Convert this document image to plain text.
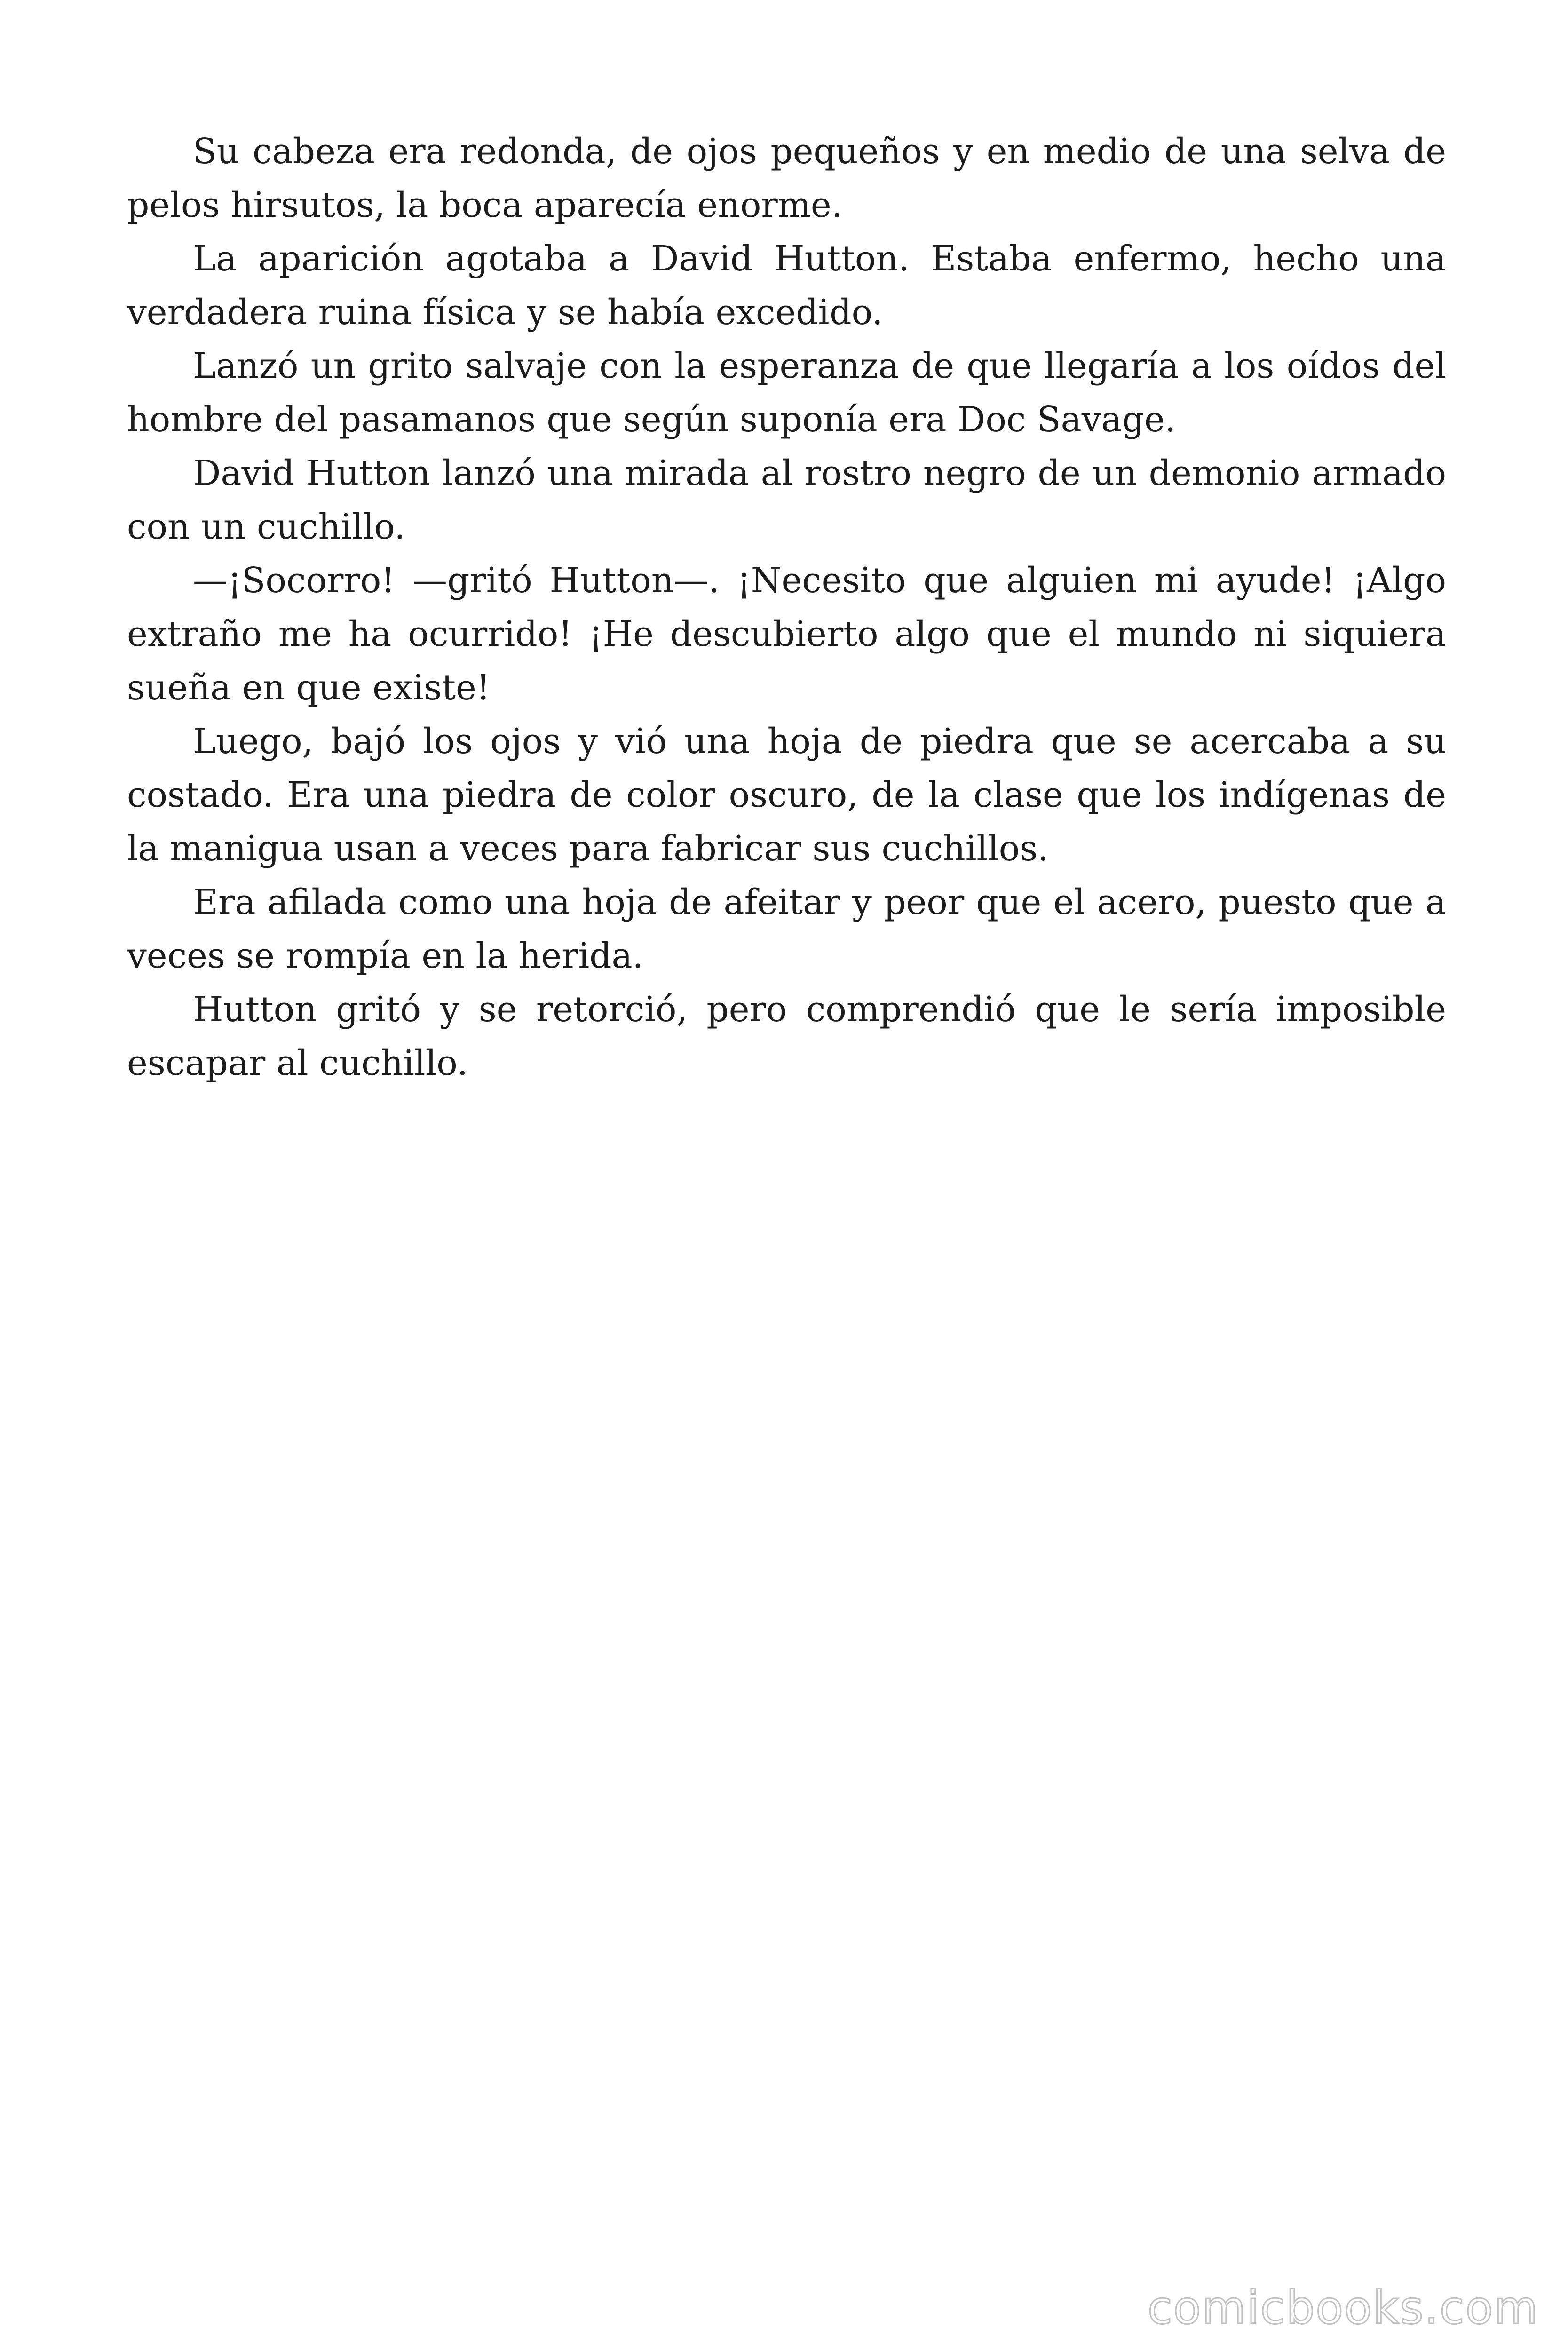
Su cabeza era redonda, de ojos pequeños y en medio de una selva de pelos hirsutos, la boca aparecía enorme.

La aparición agotaba a David Hutton. Estaba enfermo, hecho una verdadera ruina física y se había excedido.

Lanzó un grito salvaje con la esperanza de que llegaría a los oídos del hombre del pasamanos que según suponía era Doc Savage.

David Hutton lanzó una mirada al rostro negro de un demonio armado con un cuchillo.

—¡Socorro! —gritó Hutton—. ¡Necesito que alguien mi ayude! ¡Algo extraño me ha ocurrido! ¡He descubierto algo que el mundo ni siquiera sueña en que existe!

Luego, bajó los ojos y vió una hoja de piedra que se acercaba a su costado. Era una piedra de color oscuro, de la clase que los indígenas de la manigua usan a veces para fabricar sus cuchillos.

Era afilada como una hoja de afeitar y peor que el acero, puesto que a veces se rompía en la herida.

Hutton gritó y se retorció, pero comprendió que le sería imposible escapar al cuchillo.

comicbooks.com
